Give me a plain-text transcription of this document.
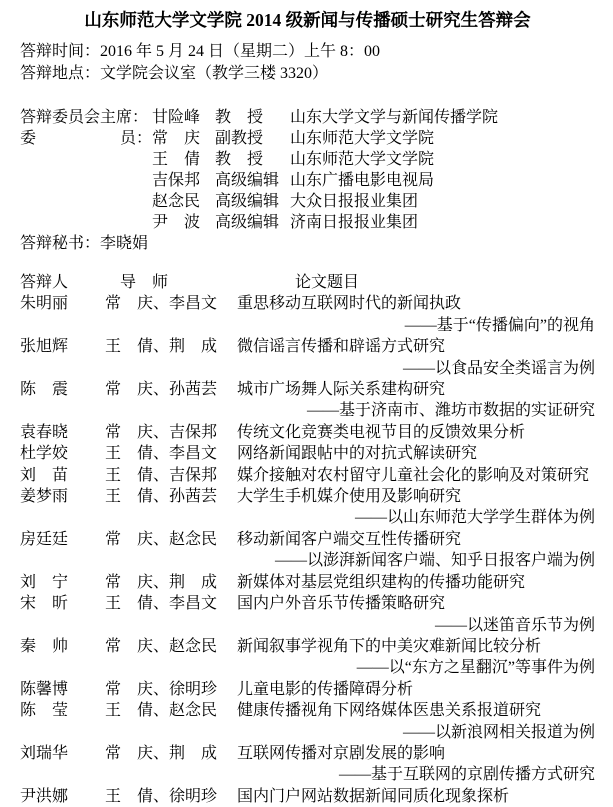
山东师范大学文学院 2014 级新闻与传播硕士研究生答辩会
答辩时间：2016 年 5 月 24 日（星期二）上午 8：00
答辩地点：文学院会议室（教学三楼 3320）
答辩委员会主席： 甘险峰 教　授	山东大学文学与新闻传播学院
委	员： 常　庆 副教授	山东师范大学文学院
王　倩 教　授	山东师范大学文学院
吉保邦 高级编辑 山东广播电影电视局
赵念民 高级编辑 大众日报报业集团
尹　波 高级编辑 济南日报报业集团
答辩秘书：李晓娟
答辩人	导　师	论文题目
朱明丽	常　庆、李昌文	重思移动互联网时代的新闻执政
——基于“传播偏向”的视角
张旭辉	王　倩、荆　成	微信谣言传播和辟谣方式研究
——以食品安全类谣言为例
陈　震	常　庆、孙茜芸	城市广场舞人际关系建构研究
——基于济南市、潍坊市数据的实证研究
袁春晓	常　庆、吉保邦	传统文化竞赛类电视节目的反馈效果分析
杜学姣	王　倩、李昌文	网络新闻跟帖中的对抗式解读研究
刘　苗	王　倩、吉保邦	媒介接触对农村留守儿童社会化的影响及对策研究
姜梦雨	王　倩、孙茜芸	大学生手机媒介使用及影响研究
——以山东师范大学学生群体为例
房廷廷	常　庆、赵念民	移动新闻客户端交互性传播研究
——以澎湃新闻客户端、知乎日报客户端为例
刘　宁	常　庆、荆　成	新媒体对基层党组织建构的传播功能研究
宋　昕	王　倩、李昌文	国内户外音乐节传播策略研究
——以迷笛音乐节为例
秦　帅	常　庆、赵念民	新闻叙事学视角下的中美灾难新闻比较分析
——以“东方之星翻沉”等事件为例
陈馨博	常　庆、徐明珍	儿童电影的传播障碍分析
陈　莹	王　倩、赵念民	健康传播视角下网络媒体医患关系报道研究
——以新浪网相关报道为例
刘瑞华	常　庆、荆　成	互联网传播对京剧发展的影响
——基于互联网的京剧传播方式研究
尹洪娜	王　倩、徐明珍	国内门户网站数据新闻同质化现象探析
